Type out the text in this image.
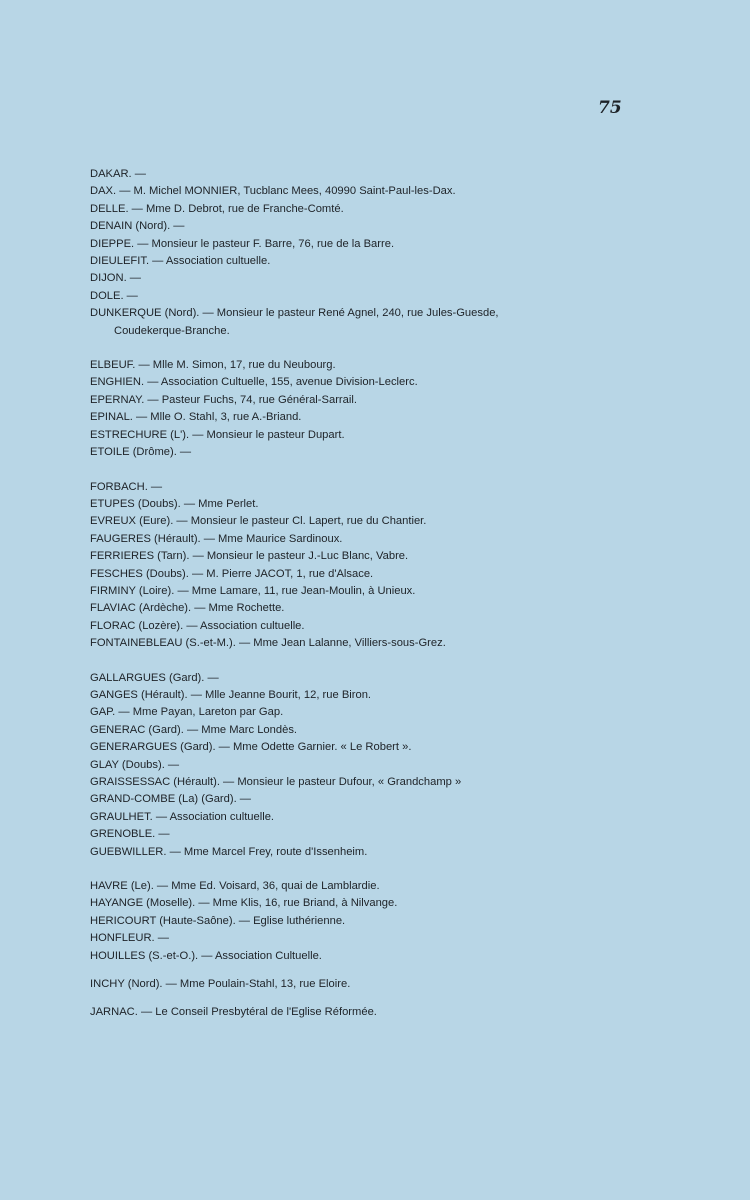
75
DAKAR. —
DAX. — M. Michel MONNIER, Tucblanc Mees, 40990 Saint-Paul-les-Dax.
DELLE. — Mme D. Debrot, rue de Franche-Comté.
DENAIN (Nord). —
DIEPPE. — Monsieur le pasteur F. Barre, 76, rue de la Barre.
DIEULEFIT. — Association cultuelle.
DIJON. —
DOLE. —
DUNKERQUE (Nord). — Monsieur le pasteur René Agnel, 240, rue Jules-Guesde,
Coudekerque-Branche.
ELBEUF. — Mlle M. Simon, 17, rue du Neubourg.
ENGHIEN. — Association Cultuelle, 155, avenue Division-Leclerc.
EPERNAY. — Pasteur Fuchs, 74, rue Général-Sarrail.
EPINAL. — Mlle O. Stahl, 3, rue A.-Briand.
ESTRECHURE (L'). — Monsieur le pasteur Dupart.
ETOILE (Drôme). —
FORBACH. —
ETUPES (Doubs). — Mme Perlet.
EVREUX (Eure). — Monsieur le pasteur Cl. Lapert, rue du Chantier.
FAUGERES (Hérault). — Mme Maurice Sardinoux.
FERRIERES (Tarn). — Monsieur le pasteur J.-Luc Blanc, Vabre.
FESCHES (Doubs). — M. Pierre JACOT, 1, rue d'Alsace.
FIRMINY (Loire). — Mme Lamare, 11, rue Jean-Moulin, à Unieux.
FLAVIAC (Ardèche). — Mme Rochette.
FLORAC (Lozère). — Association cultuelle.
FONTAINEBLEAU (S.-et-M.). — Mme Jean Lalanne, Villiers-sous-Grez.
GALLARGUES (Gard). —
GANGES (Hérault). — Mlle Jeanne Bourit, 12, rue Biron.
GAP. — Mme Payan, Lareton par Gap.
GENERAC (Gard). — Mme Marc Londès.
GENERARGUES (Gard). — Mme Odette Garnier. « Le Robert ».
GLAY (Doubs). —
GRAISSESSAC (Hérault). — Monsieur le pasteur Dufour, « Grandchamp »
GRAND-COMBE (La) (Gard). —
GRAULHET. — Association cultuelle.
GRENOBLE. —
GUEBWILLER. — Mme Marcel Frey, route d'Issenheim.
HAVRE (Le). — Mme Ed. Voisard, 36, quai de Lamblardie.
HAYANGE (Moselle). — Mme Klis, 16, rue Briand, à Nilvange.
HERICOURT (Haute-Saône). — Eglise luthérienne.
HONFLEUR. —
HOUILLES (S.-et-O.). — Association Cultuelle.
INCHY (Nord). — Mme Poulain-Stahl, 13, rue Eloire.
JARNAC. — Le Conseil Presbytéral de l'Eglise Réformée.
